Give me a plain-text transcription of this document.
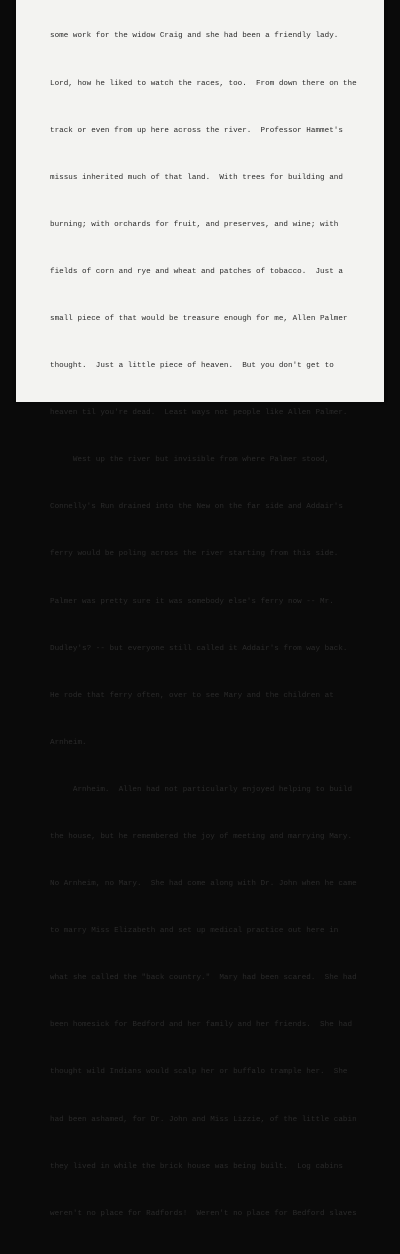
some work for the widow Craig and she had been a friendly lady.

Lord, how he liked to watch the races, too.  From down there on the

track or even from up here across the river.  Professor Hammet's

missus inherited much of that land.  With trees for building and

burning; with orchards for fruit, and preserves, and wine; with

fields of corn and rye and wheat and patches of tobacco.  Just a

small piece of that would be treasure enough for me, Allen Palmer

thought.  Just a little piece of heaven.  But you don't get to

heaven til you're dead.  Least ways not people like Allen Palmer.

West up the river but invisible from where Palmer stood,

Connelly's Run drained into the New on the far side and Addair's

ferry would be poling across the river starting from this side.

Palmer was pretty sure it was somebody else's ferry now -- Mr.

Dudley's? -- but everyone still called it Addair's from way back.

He rode that ferry often, over to see Mary and the children at

Arnheim.

Arnheim.  Allen had not particularly enjoyed helping to build

the house, but he remembered the joy of meeting and marrying Mary.

No Arnheim, no Mary.  She had come along with Dr. John when he came

to marry Miss Elizabeth and set up medical practice out here in

what she called the "back country."  Mary had been scared.  She had

been homesick for Bedford and her family and her friends.  She had

thought wild Indians would scalp her or buffalo trample her.  She

had been ashamed, for Dr. John and Miss Lizzie, of the little cabin

they lived in while the brick house was being built.  Log cabins

weren't no place for Radfords!  Weren't no place for Bedford slaves
